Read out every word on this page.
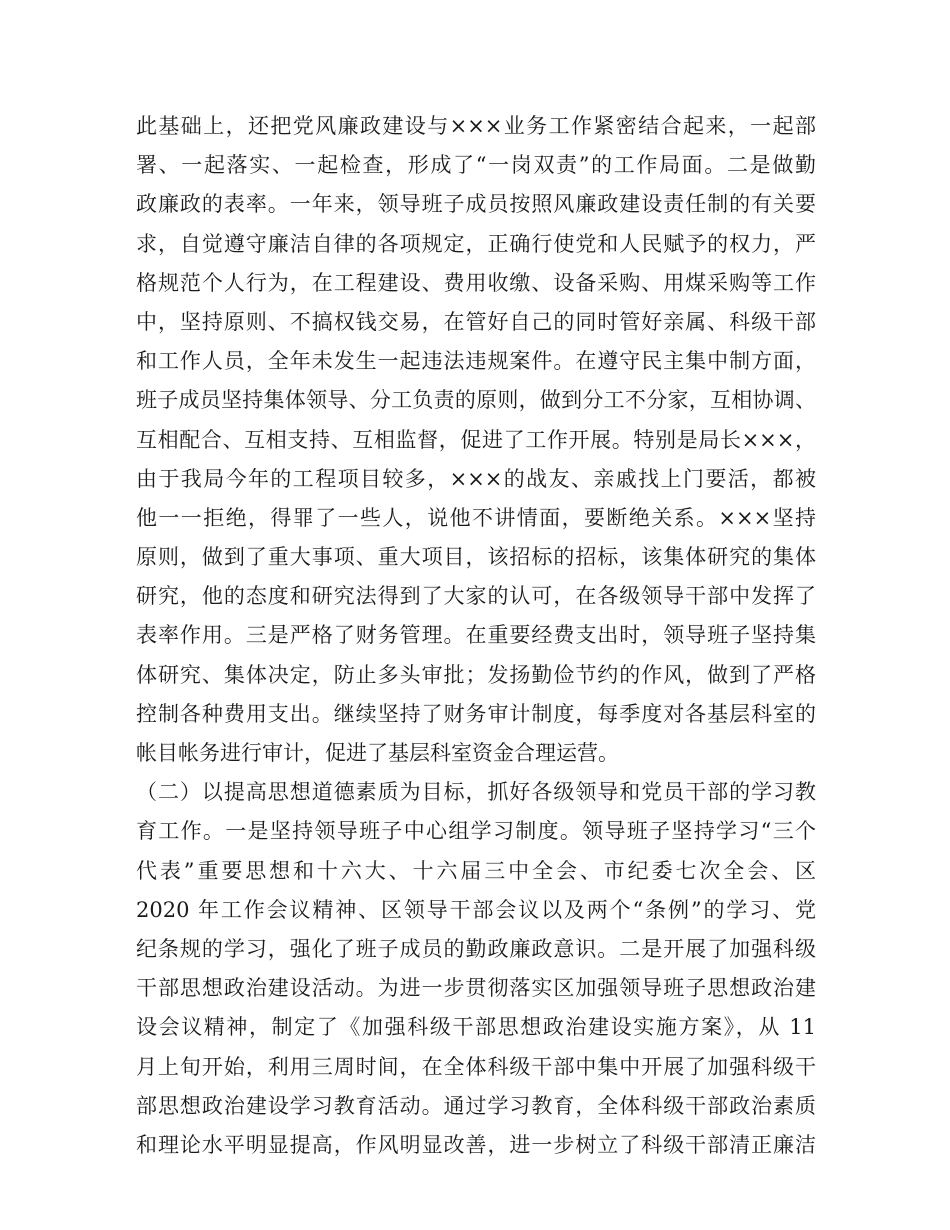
此基础上，还把党风廉政建设与×××业务工作紧密结合起来，一起部
署、一起落实、一起检查，形成了“一岗双责”的工作局面。二是做勤
政廉政的表率。一年来，领导班子成员按照风廉政建设责任制的有关要
求，自觉遵守廉洁自律的各项规定，正确行使党和人民赋予的权力，严
格规范个人行为，在工程建设、费用收缴、设备采购、用煤采购等工作
中，坚持原则、不搞权钱交易，在管好自己的同时管好亲属、科级干部
和工作人员，全年未发生一起违法违规案件。在遵守民主集中制方面，
班子成员坚持集体领导、分工负责的原则，做到分工不分家，互相协调、
互相配合、互相支持、互相监督，促进了工作开展。特别是局长×××，
由于我局今年的工程项目较多，×××的战友、亲戚找上门要活，都被
他一一拒绝，得罪了一些人，说他不讲情面，要断绝关系。×××坚持
原则，做到了重大事项、重大项目，该招标的招标，该集体研究的集体
研究，他的态度和研究法得到了大家的认可，在各级领导干部中发挥了
表率作用。三是严格了财务管理。在重要经费支出时，领导班子坚持集
体研究、集体决定，防止多头审批；发扬勤俭节约的作风，做到了严格
控制各种费用支出。继续坚持了财务审计制度，每季度对各基层科室的
帐目帐务进行审计，促进了基层科室资金合理运营。
（二）以提高思想道德素质为目标，抓好各级领导和党员干部的学习教
育工作。一是坚持领导班子中心组学习制度。领导班子坚持学习“三个
代表”重要思想和十六大、十六届三中全会、市纪委七次全会、区
2020 年工作会议精神、区领导干部会议以及两个“条例”的学习、党
纪条规的学习，强化了班子成员的勤政廉政意识。二是开展了加强科级
干部思想政治建设活动。为进一步贯彻落实区加强领导班子思想政治建
设会议精神，制定了《加强科级干部思想政治建设实施方案》，从 11
月上旬开始，利用三周时间，在全体科级干部中集中开展了加强科级干
部思想政治建设学习教育活动。通过学习教育，全体科级干部政治素质
和理论水平明显提高，作风明显改善，进一步树立了科级干部清正廉洁
